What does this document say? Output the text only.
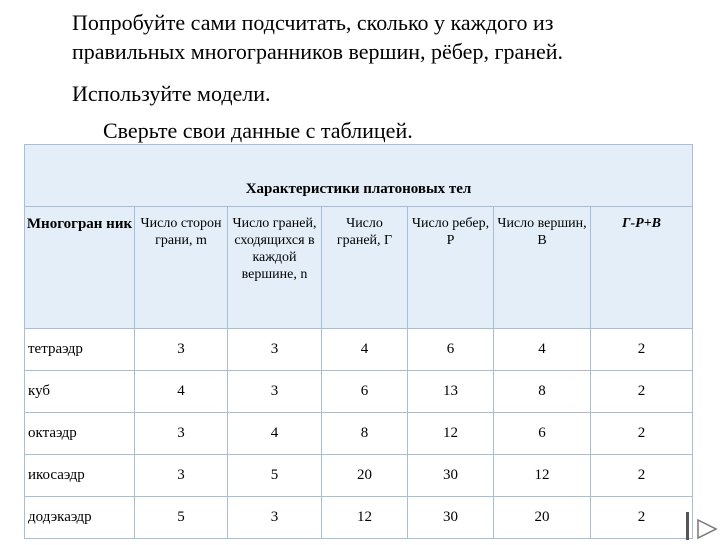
Попробуйте сами подсчитать, сколько у каждого из правильных многогранников вершин, рёбер, граней.
Используйте модели.
Сверьте свои данные с таблицей.
Характеристики платоновых тел						
Многогран ник	Число сторон грани, m	Число граней, сходящихся в каждой вершине, n	Число граней, Г	Число ребер, Р	Число вершин, В	Г-Р+В
тетраэдр	3	3	4	6	4	2
куб	4	3	6	13	8	2
октаэдр	3	4	8	12	6	2
икосаэдр	3	5	20	30	12	2
додэкаэдр	5	3	12	30	20	2
